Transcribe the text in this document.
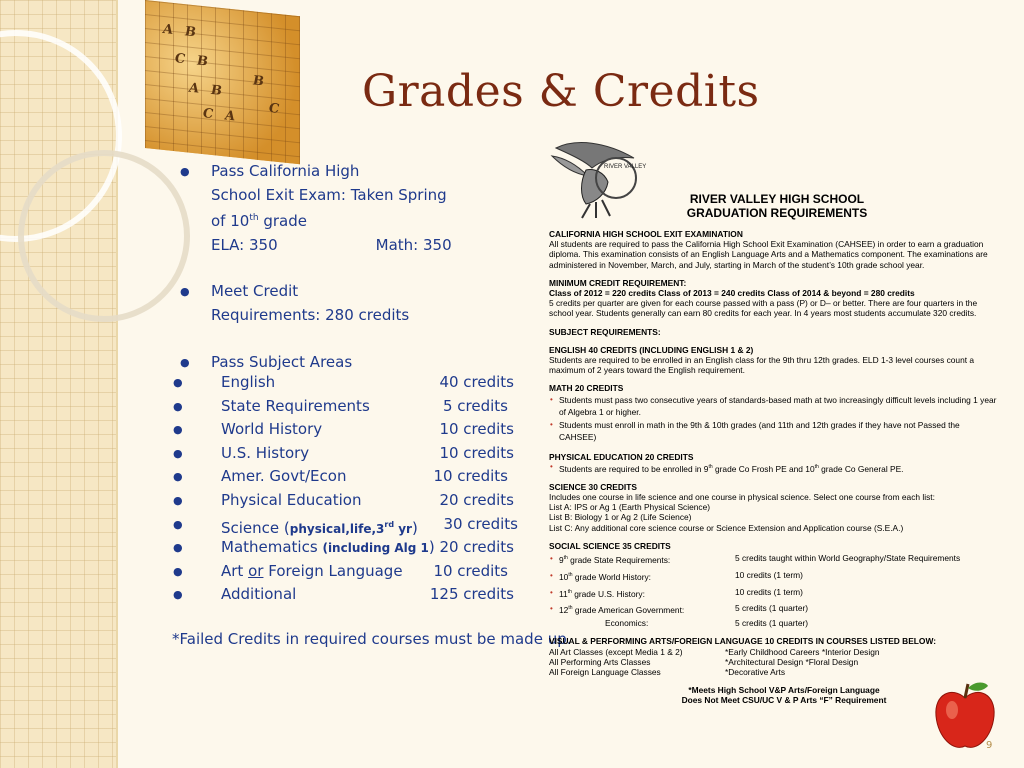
A B
C B
A B
C A
B
C Grades & Credits
● Pass California High
School Exit Exam: Taken Spring
of 10th grade
ELA: 350	Math: 350
● Meet Credit
Requirements: 280 credits
● Pass Subject Areas
●	English	40 credits
●	State Requirements	5 credits
●	World History	10 credits
●	U.S. History	10 credits
●	Amer. Govt/Econ	10 credits
●	Physical Education	20 credits
●	Science (physical,life,3rd yr) 30 credits
●	Mathematics (including Alg 1) 20 credits
●	Art or Foreign Language 10 credits
●	Additional	125 credits
*Failed Credits in required courses must be made up.
RIVER VALLEY
RIVER VALLEY HIGH SCHOOL
GRADUATION REQUIREMENTS
CALIFORNIA HIGH SCHOOL EXIT EXAMINATION
All students are required to pass the California High School Exit Examination (CAHSEE) in order to earn a graduation diploma. This examination consists of an English Language Arts and a Mathematics component. The examinations are administered in November, March, and July, starting in March of the student’s 10th grade school year.
MINIMUM CREDIT REQUIREMENT:
Class of 2012 = 220 credits Class of 2013 = 240 credits Class of 2014 & beyond = 280 credits
5 credits per quarter are given for each course passed with a pass (P) or D– or better. There are four quarters in the school year. Students generally can earn 80 credits for each year. In 4 years most students accumulate 320 credits.
SUBJECT REQUIREMENTS:
ENGLISH 40 CREDITS (INCLUDING ENGLISH 1 & 2)
Students are required to be enrolled in an English class for the 9th thru 12th grades. ELD 1-3 level courses count a maximum of 2 years toward the English requirement.
MATH 20 CREDITS
• Students must pass two consecutive years of standards-based math at two increasingly difficult levels including 1 year of Algebra 1 or higher.
• Students must enroll in math in the 9th & 10th grades (and 11th and 12th grades if they have not Passed the CAHSEE)
PHYSICAL EDUCATION 20 CREDITS
• Students are required to be enrolled in 9th grade Co Frosh PE and 10th grade Co General PE.
SCIENCE 30 CREDITS
Includes one course in life science and one course in physical science. Select one course from each list:
List A: IPS or Ag 1 (Earth Physical Science)
List B: Biology 1 or Ag 2 (Life Science)
List C: Any additional core science course or Science Extension and Application course (S.E.A.)
SOCIAL SCIENCE 35 CREDITS
• 9th grade State Requirements:	5 credits taught within World Geography/State Requirements
• 10th grade World History:	10 credits (1 term)
• 11th grade U.S. History:	10 credits (1 term)
• 12th grade American Government:	5 credits (1 quarter)
Economics:	5 credits (1 quarter)
VISUAL & PERFORMING ARTS/FOREIGN LANGUAGE 10 CREDITS IN COURSES LISTED BELOW:
All Art Classes (except Media 1 & 2)	*Early Childhood Careers *Interior Design
All Performing Arts Classes	*Architectural Design *Floral Design
All Foreign Language Classes	*Decorative Arts
*Meets High School V&P Arts/Foreign Language
Does Not Meet CSU/UC V & P Arts “F” Requirement
9
